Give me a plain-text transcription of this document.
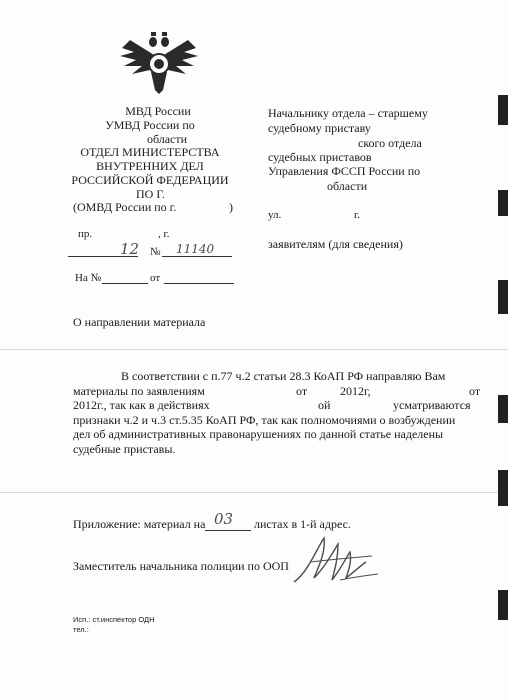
МВД России
УМВД России по
области
ОТДЕЛ МИНИСТЕРСТВА
ВНУТРЕННИХ ДЕЛ
РОССИЙСКОЙ ФЕДЕРАЦИИ
ПО Г.
(ОМВД России по г.	)
пр.	, г.
12 № 11140
На №	от
Начальнику отдела – старшему
судебному приставу
ского отдела
судебных приставов
Управления ФССП России по
области
ул.	г.
заявителям (для сведения)
О направлении материала
В соответствии с п.77 ч.2 статьи 28.3 КоАП РФ направляю Вам
материалы по заявлениям	от	2012г,	от
2012г., так как в действиях	ой	усматриваются
признаки ч.2 и ч.3 ст.5.35 КоАП РФ, так как полномочиями о возбуждении
дел об административных правонарушениях по данной статье наделены
судебные приставы.
Приложение: материал на 03 листах в 1-й адрес.
Заместитель начальника полиции по ООП
Исп.: ст.инспектор ОДН
тел.:
